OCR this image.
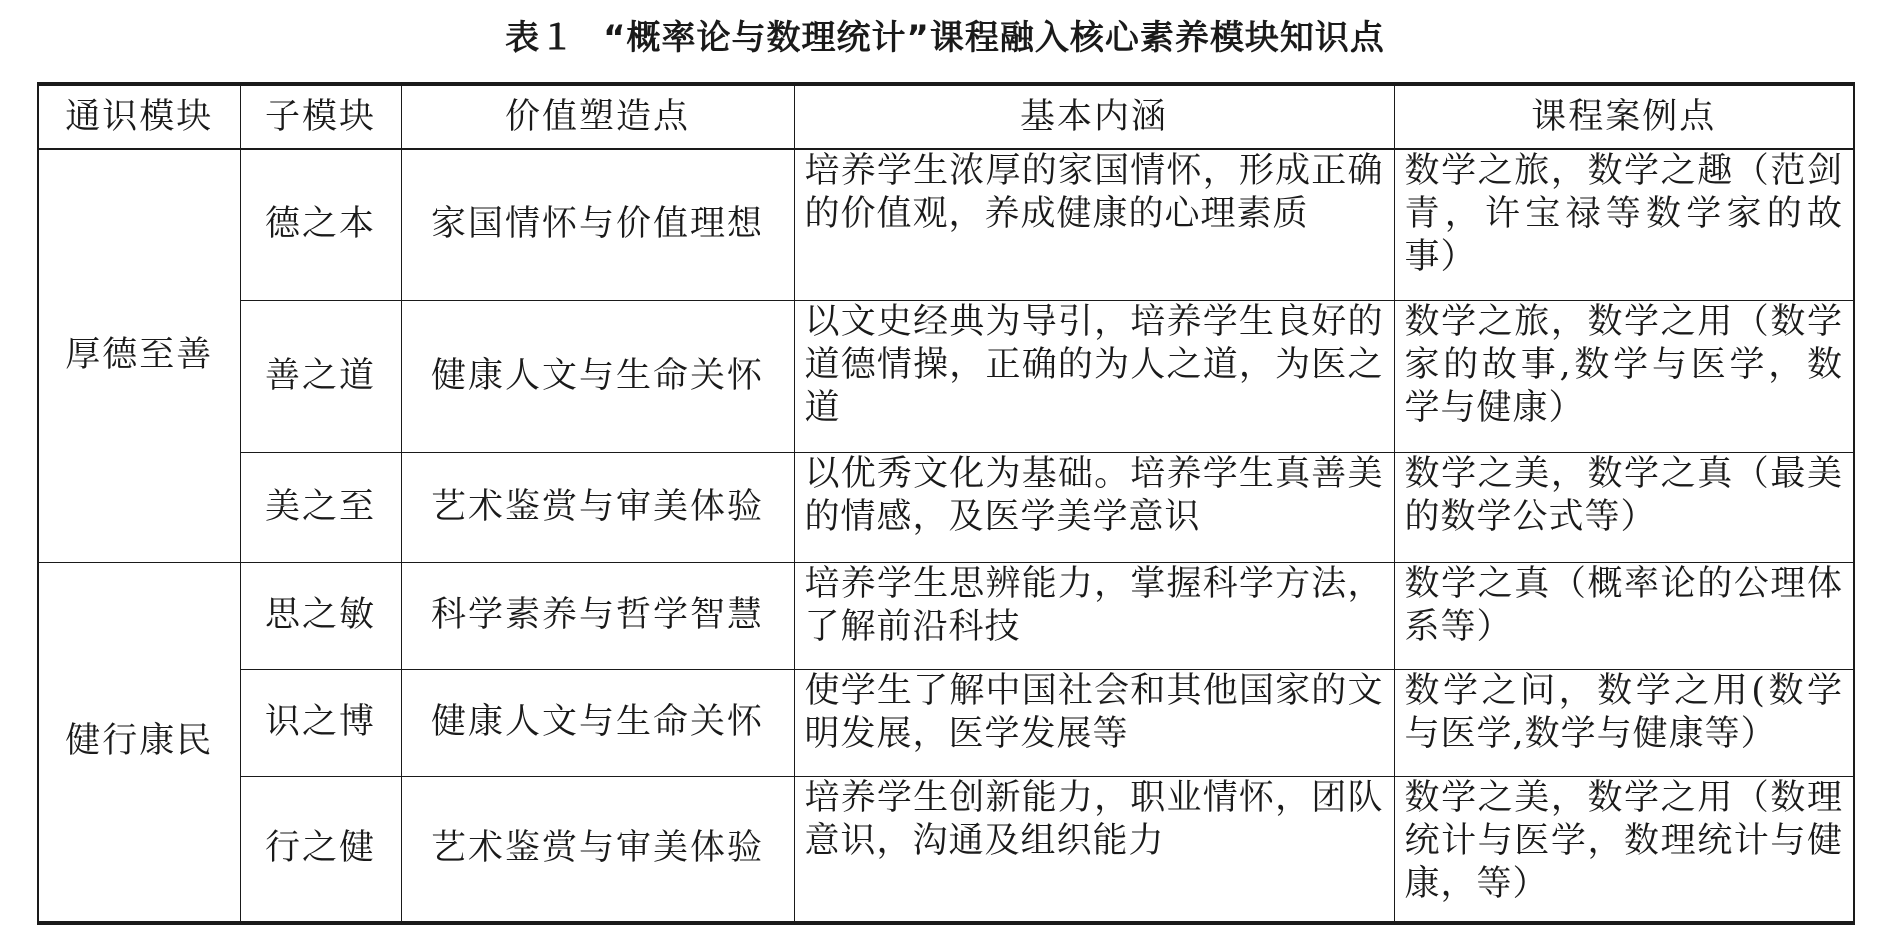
表１ “概率论与数理统计”课程融入核心素养模块知识点
通识模块	子模块	价值塑造点	基本内涵	课程案例点
厚德至善	德之本	家国情怀与价值理想	培养学生浓厚的家国情怀，形成正确的价值观，养成健康的心理素质	数学之旅，数学之趣（范剑青，许宝禄等数学家的故事）
	善之道	健康人文与生命关怀	以文史经典为导引，培养学生良好的道德情操，正确的为人之道，为医之道	数学之旅，数学之用（数学家的故事,数学与医学，数学与健康）
	美之至	艺术鉴赏与审美体验	以优秀文化为基础。培养学生真善美的情感，及医学美学意识	数学之美，数学之真（最美的数学公式等）
健行康民	思之敏	科学素养与哲学智慧	培养学生思辨能力，掌握科学方法，了解前沿科技	数学之真（概率论的公理体系等）
	识之博	健康人文与生命关怀	使学生了解中国社会和其他国家的文明发展，医学发展等	数学之问，数学之用(数学与医学,数学与健康等）
	行之健	艺术鉴赏与审美体验	培养学生创新能力，职业情怀，团队意识，沟通及组织能力	数学之美，数学之用（数理统计与医学，数理统计与健康，等）
